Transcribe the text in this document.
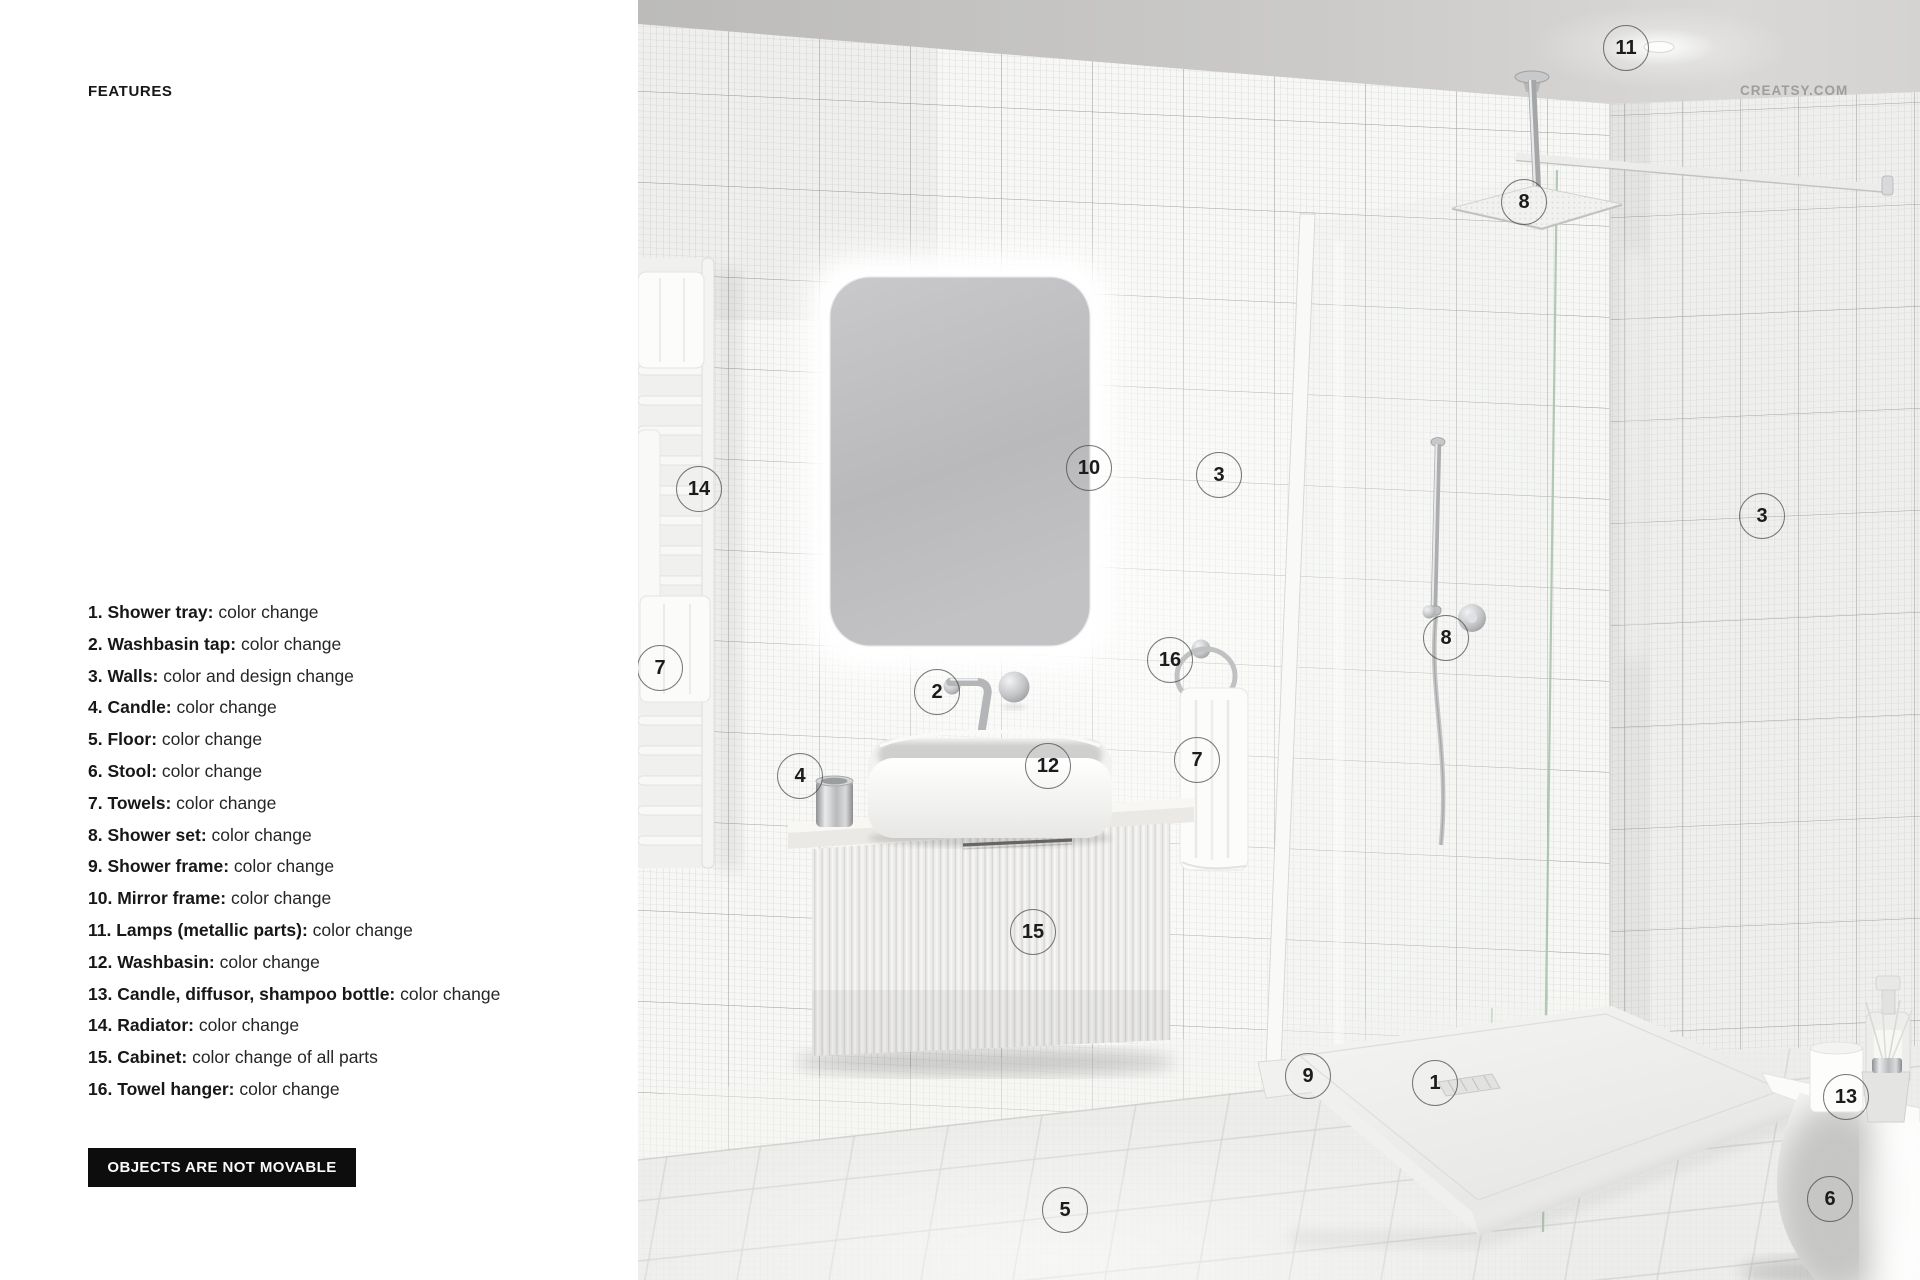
CREATSY.COM
11
8
14
10	3
3
7
2
16
8
4	12	7
15
9	1
13
5	6
FEATURES
1. Shower tray: color change
2. Washbasin tap: color change
3. Walls: color and design change
4. Candle: color change
5. Floor: color change
6. Stool: color change
7. Towels: color change
8. Shower set: color change
9. Shower frame: color change
10. Mirror frame: color change
11. Lamps (metallic parts): color change
12. Washbasin: color change
13. Candle, diffusor, shampoo bottle: color change
14. Radiator: color change
15. Cabinet: color change of all parts
16. Towel hanger: color change
OBJECTS ARE NOT MOVABLE
